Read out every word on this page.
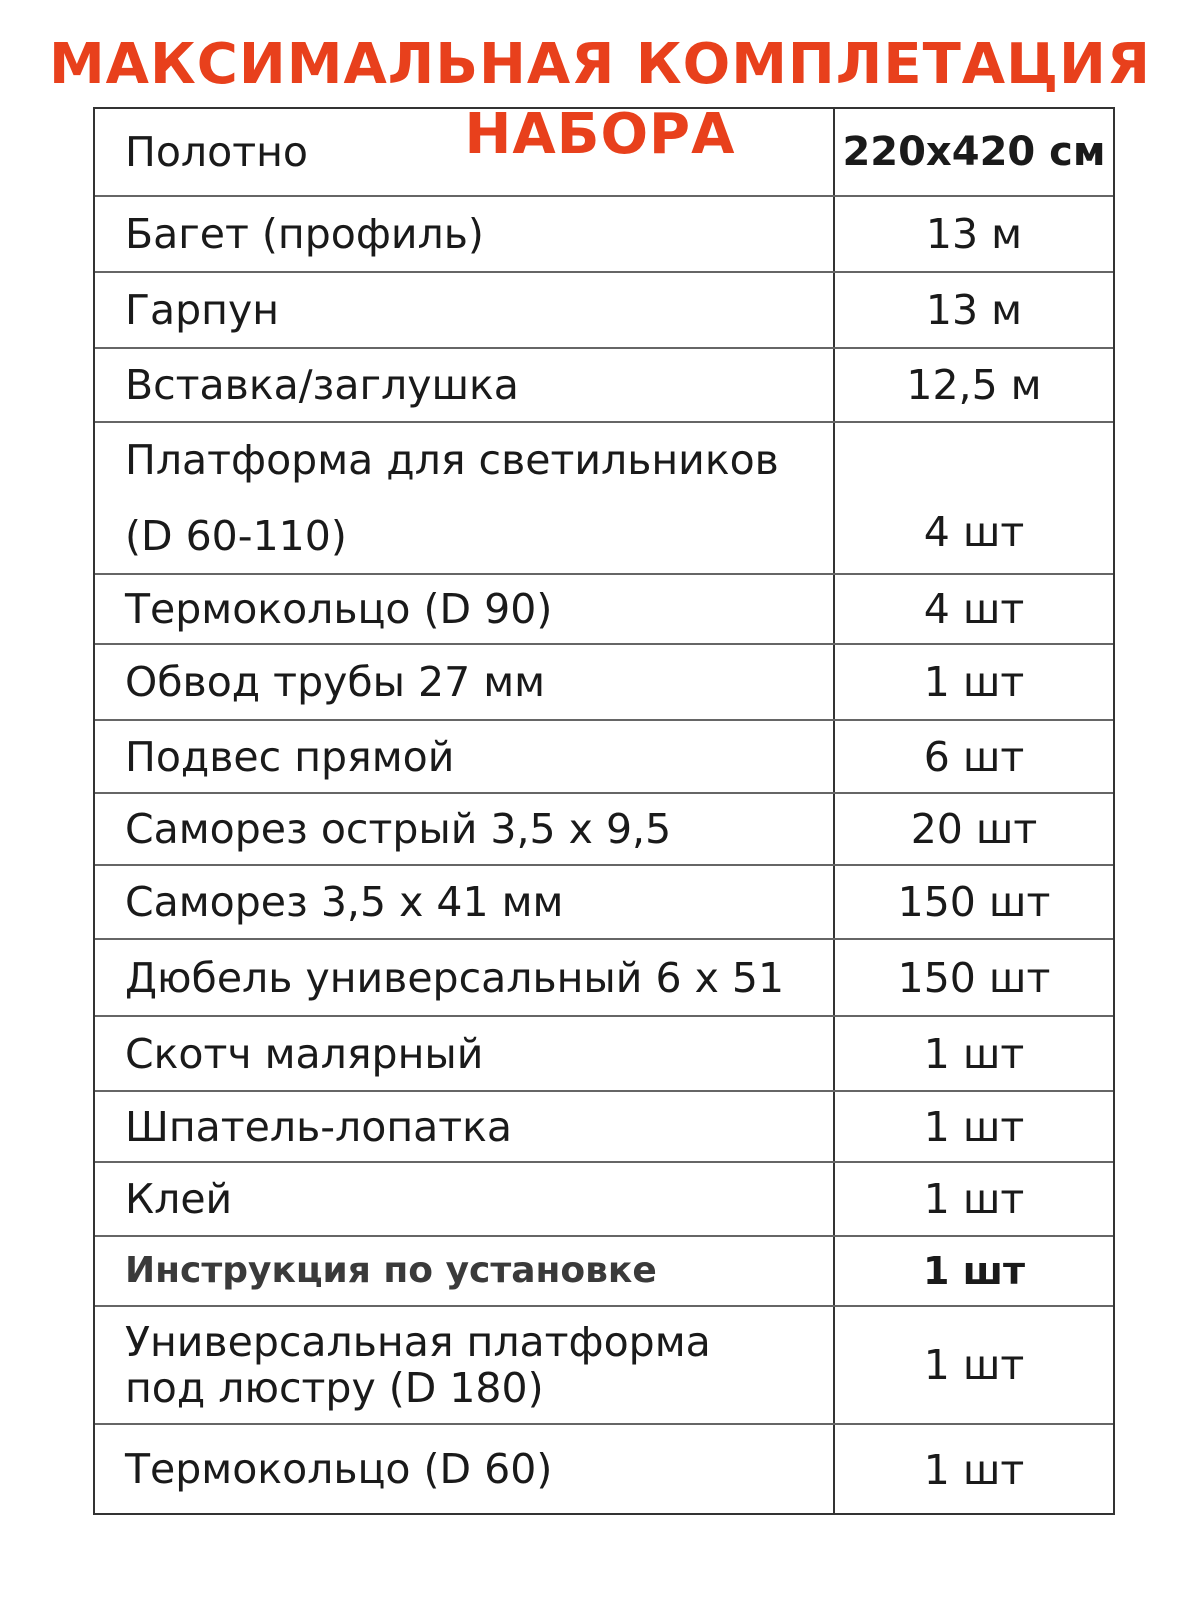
МАКСИМАЛЬНАЯ КОМПЛЕТАЦИЯ НАБОРА
Полотно	220х420 см
Багет (профиль)	13 м
Гарпун	13 м
Вставка/заглушка	12,5 м
Платформа для светильников
(D 60-110)	4 шт
Термокольцо (D 90)	4 шт
Обвод трубы 27 мм	1 шт
Подвес прямой	6 шт
Саморез острый 3,5 х 9,5	20 шт
Саморез 3,5 х 41 мм	150 шт
Дюбель универсальный 6 х 51	150 шт
Скотч малярный	1 шт
Шпатель-лопатка	1 шт
Клей	1 шт
Инструкция по установке	1 шт
Универсальная платформа
под люстру (D 180)	1 шт
Термокольцо (D 60)	1 шт
